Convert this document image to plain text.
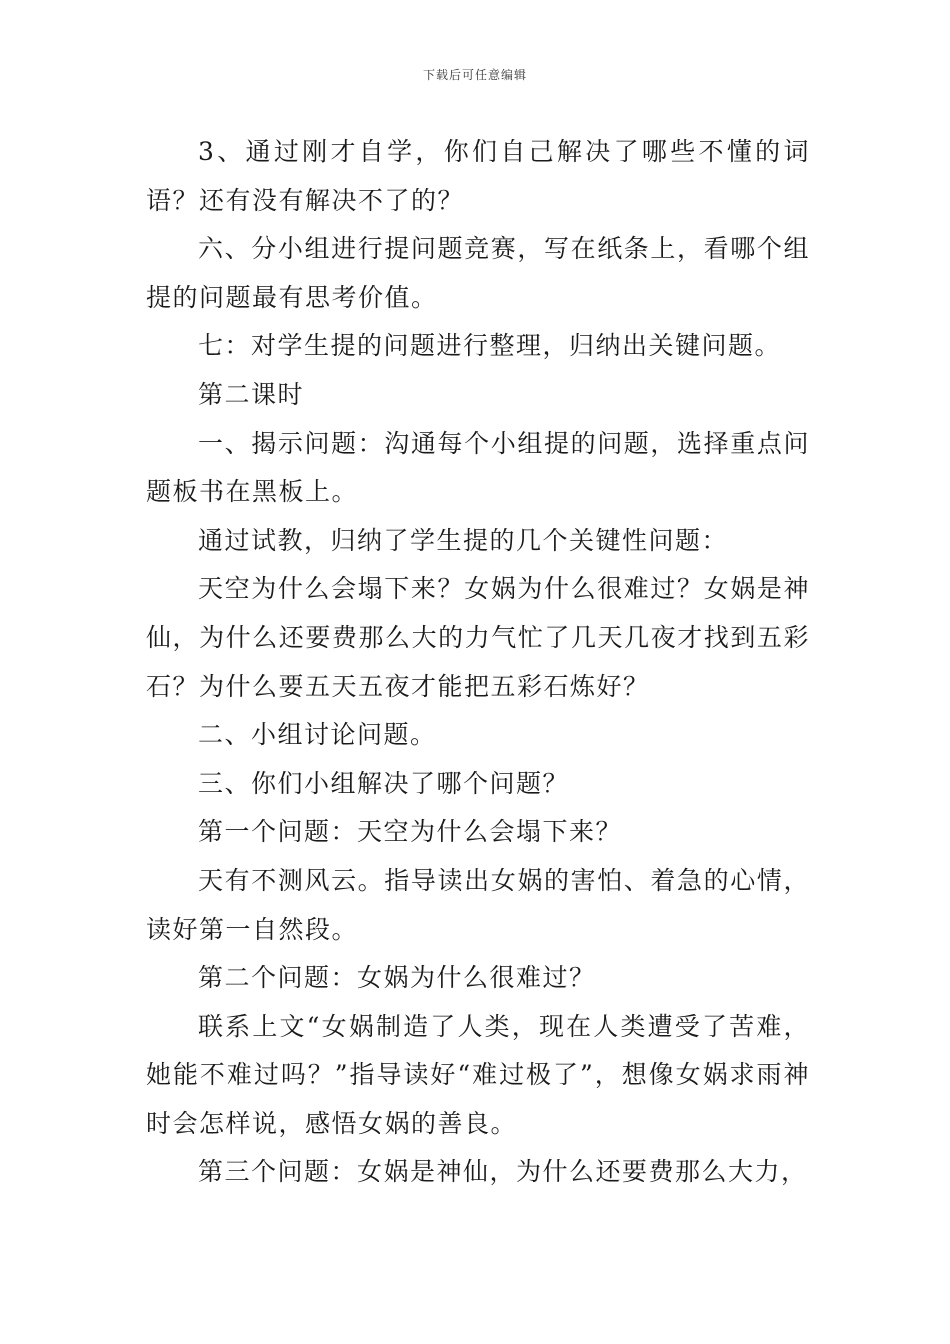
下载后可任意编辑

3、通过刚才自学，你们自己解决了哪些不懂的词语？还有没有解决不了的？

六、分小组进行提问题竞赛，写在纸条上，看哪个组提的问题最有思考价值。

七：对学生提的问题进行整理，归纳出关键问题。

第二课时

一、揭示问题：沟通每个小组提的问题，选择重点问题板书在黑板上。

通过试教，归纳了学生提的几个关键性问题：

天空为什么会塌下来？女娲为什么很难过？女娲是神仙，为什么还要费那么大的力气忙了几天几夜才找到五彩石？为什么要五天五夜才能把五彩石炼好？

二、小组讨论问题。

三、你们小组解决了哪个问题？

第一个问题：天空为什么会塌下来？

天有不测风云。指导读出女娲的害怕、着急的心情，读好第一自然段。

第二个问题：女娲为什么很难过？

联系上文“女娲制造了人类，现在人类遭受了苦难，她能不难过吗？”指导读好“难过极了”，想像女娲求雨神时会怎样说，感悟女娲的善良。

第三个问题：女娲是神仙，为什么还要费那么大力，
